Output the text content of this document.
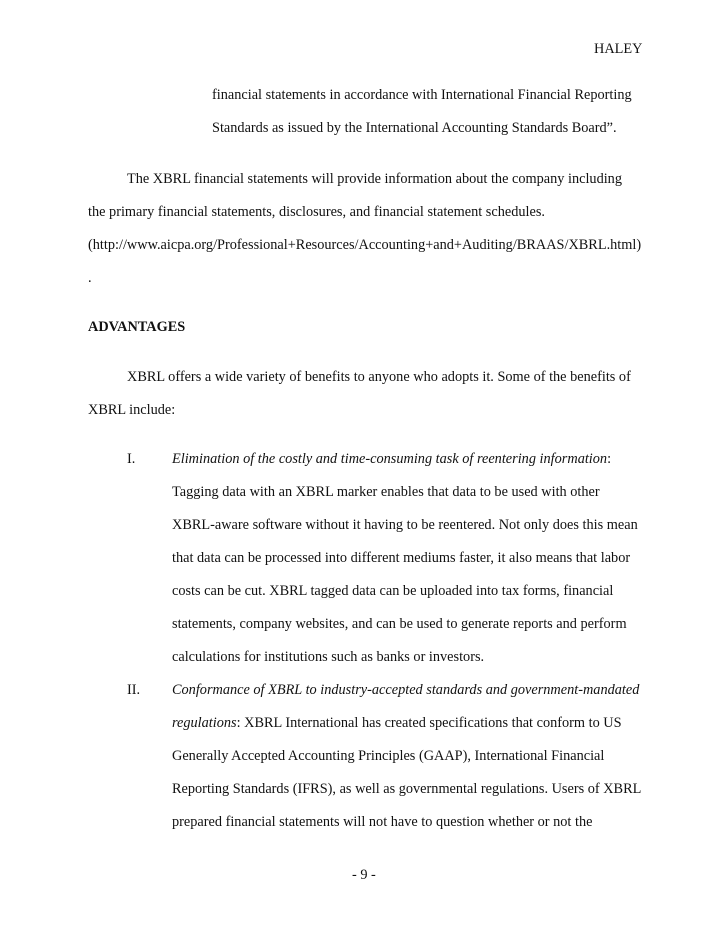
HALEY
financial statements in accordance with International Financial Reporting
Standards as issued by the International Accounting Standards Board”.
The XBRL financial statements will provide information about the company including
the primary financial statements, disclosures, and financial statement schedules.
(http://www.aicpa.org/Professional+Resources/Accounting+and+Auditing/BRAAS/XBRL.html)
.
ADVANTAGES
XBRL offers a wide variety of benefits to anyone who adopts it. Some of the benefits of
XBRL include:
I.	Elimination of the costly and time-consuming task of reentering information:
Tagging data with an XBRL marker enables that data to be used with other
XBRL-aware software without it having to be reentered. Not only does this mean
that data can be processed into different mediums faster, it also means that labor
costs can be cut. XBRL tagged data can be uploaded into tax forms, financial
statements, company websites, and can be used to generate reports and perform
calculations for institutions such as banks or investors.
II. Conformance of XBRL to industry-accepted standards and government-mandated
regulations: XBRL International has created specifications that conform to US
Generally Accepted Accounting Principles (GAAP), International Financial
Reporting Standards (IFRS), as well as governmental regulations. Users of XBRL
prepared financial statements will not have to question whether or not the
- 9 -
